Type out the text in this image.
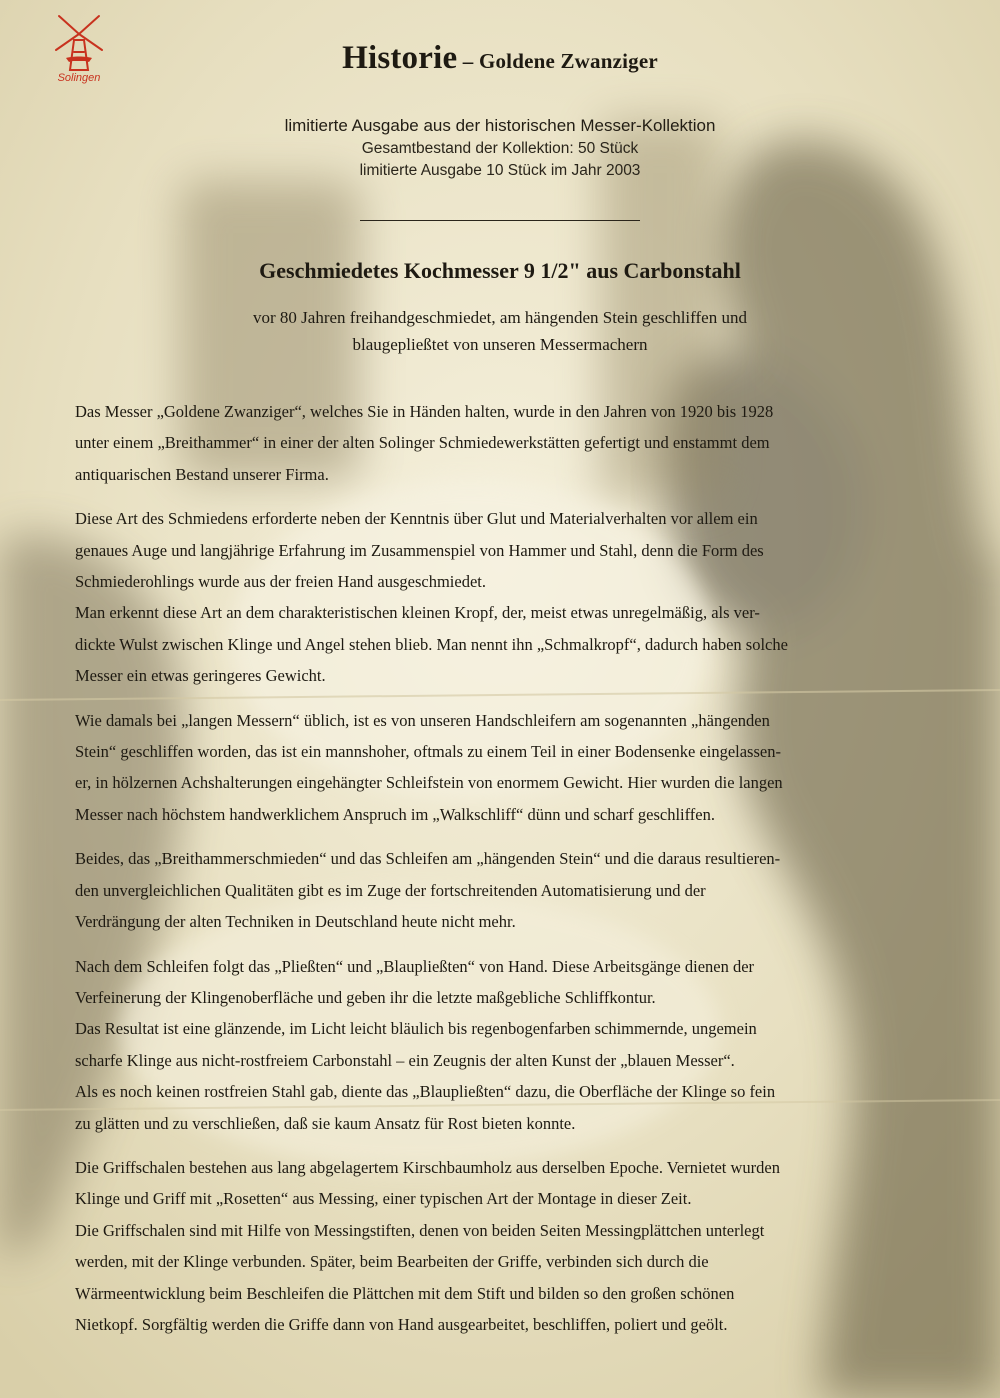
Solingen
Historie – Goldene Zwanziger
limitierte Ausgabe aus der historischen Messer-Kollektion
Gesamtbestand der Kollektion: 50 Stück
limitierte Ausgabe 10 Stück im Jahr 2003
Geschmiedetes Kochmesser 9 1/2" aus Carbonstahl
vor 80 Jahren freihandgeschmiedet, am hängenden Stein geschliffen und
blaugepließtet von unseren Messermachern

Das Messer „Goldene Zwanziger“, welches Sie in Händen halten, wurde in den Jahren von 1920 bis 1928
unter einem „Breithammer“ in einer der alten Solinger Schmiedewerkstätten gefertigt und enstammt dem
antiquarischen Bestand unserer Firma.

Diese Art des Schmiedens erforderte neben der Kenntnis über Glut und Materialverhalten vor allem ein
genaues Auge und langjährige Erfahrung im Zusammenspiel von Hammer und Stahl, denn die Form des
Schmiederohlings wurde aus der freien Hand ausgeschmiedet.
Man erkennt diese Art an dem charakteristischen kleinen Kropf, der, meist etwas unregelmäßig, als ver-
dickte Wulst zwischen Klinge und Angel stehen blieb. Man nennt ihn „Schmalkropf“, dadurch haben solche
Messer ein etwas geringeres Gewicht.

Wie damals bei „langen Messern“ üblich, ist es von unseren Handschleifern am sogenannten „hängenden
Stein“ geschliffen worden, das ist ein mannshoher, oftmals zu einem Teil in einer Bodensenke eingelassen-
er, in hölzernen Achshalterungen eingehängter Schleifstein von enormem Gewicht. Hier wurden die langen
Messer nach höchstem handwerklichem Anspruch im „Walkschliff“ dünn und scharf geschliffen.

Beides, das „Breithammerschmieden“ und das Schleifen am „hängenden Stein“ und die daraus resultieren-
den unvergleichlichen Qualitäten gibt es im Zuge der fortschreitenden Automatisierung und der
Verdrängung der alten Techniken in Deutschland heute nicht mehr.

Nach dem Schleifen folgt das „Pließten“ und „Blaupließten“ von Hand. Diese Arbeitsgänge dienen der
Verfeinerung der Klingenoberfläche und geben ihr die letzte maßgebliche Schliffkontur.
Das Resultat ist eine glänzende, im Licht leicht bläulich bis regenbogenfarben schimmernde, ungemein
scharfe Klinge aus nicht-rostfreiem Carbonstahl – ein Zeugnis der alten Kunst der „blauen Messer“.
Als es noch keinen rostfreien Stahl gab, diente das „Blaupließten“ dazu, die Oberfläche der Klinge so fein
zu glätten und zu verschließen, daß sie kaum Ansatz für Rost bieten konnte.

Die Griffschalen bestehen aus lang abgelagertem Kirschbaumholz aus derselben Epoche. Vernietet wurden
Klinge und Griff mit „Rosetten“ aus Messing, einer typischen Art der Montage in dieser Zeit.
Die Griffschalen sind mit Hilfe von Messingstiften, denen von beiden Seiten Messingplättchen unterlegt
werden, mit der Klinge verbunden. Später, beim Bearbeiten der Griffe, verbinden sich durch die
Wärmeentwicklung beim Beschleifen die Plättchen mit dem Stift und bilden so den großen schönen
Nietkopf. Sorgfältig werden die Griffe dann von Hand ausgearbeitet, beschliffen, poliert und geölt.
